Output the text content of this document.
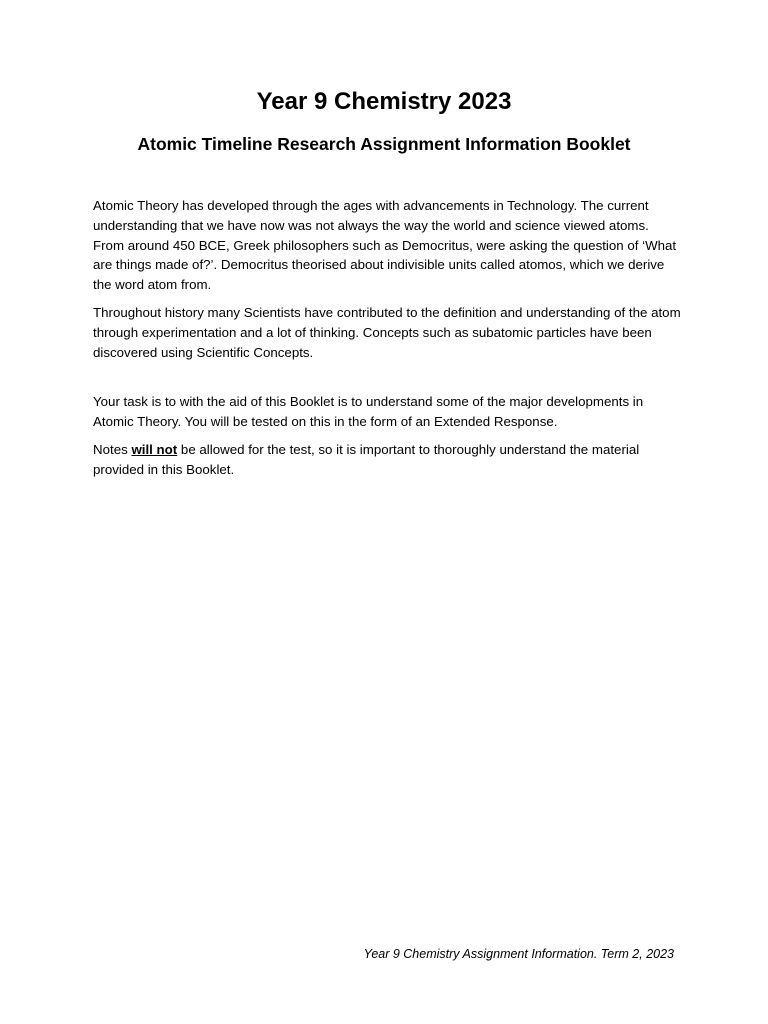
Year 9 Chemistry 2023
Atomic Timeline Research Assignment Information Booklet

Atomic Theory has developed through the ages with advancements in Technology. The current understanding that we have now was not always the way the world and science viewed atoms. From around 450 BCE, Greek philosophers such as Democritus, were asking the question of ‘What are things made of?’. Democritus theorised about indivisible units called atomos, which we derive the word atom from.

Throughout history many Scientists have contributed to the definition and understanding of the atom through experimentation and a lot of thinking. Concepts such as subatomic particles have been discovered using Scientific Concepts.

Your task is to with the aid of this Booklet is to understand some of the major developments in Atomic Theory. You will be tested on this in the form of an Extended Response.

Notes will not be allowed for the test, so it is important to thoroughly understand the material provided in this Booklet.

Year 9 Chemistry Assignment Information. Term 2, 2023
